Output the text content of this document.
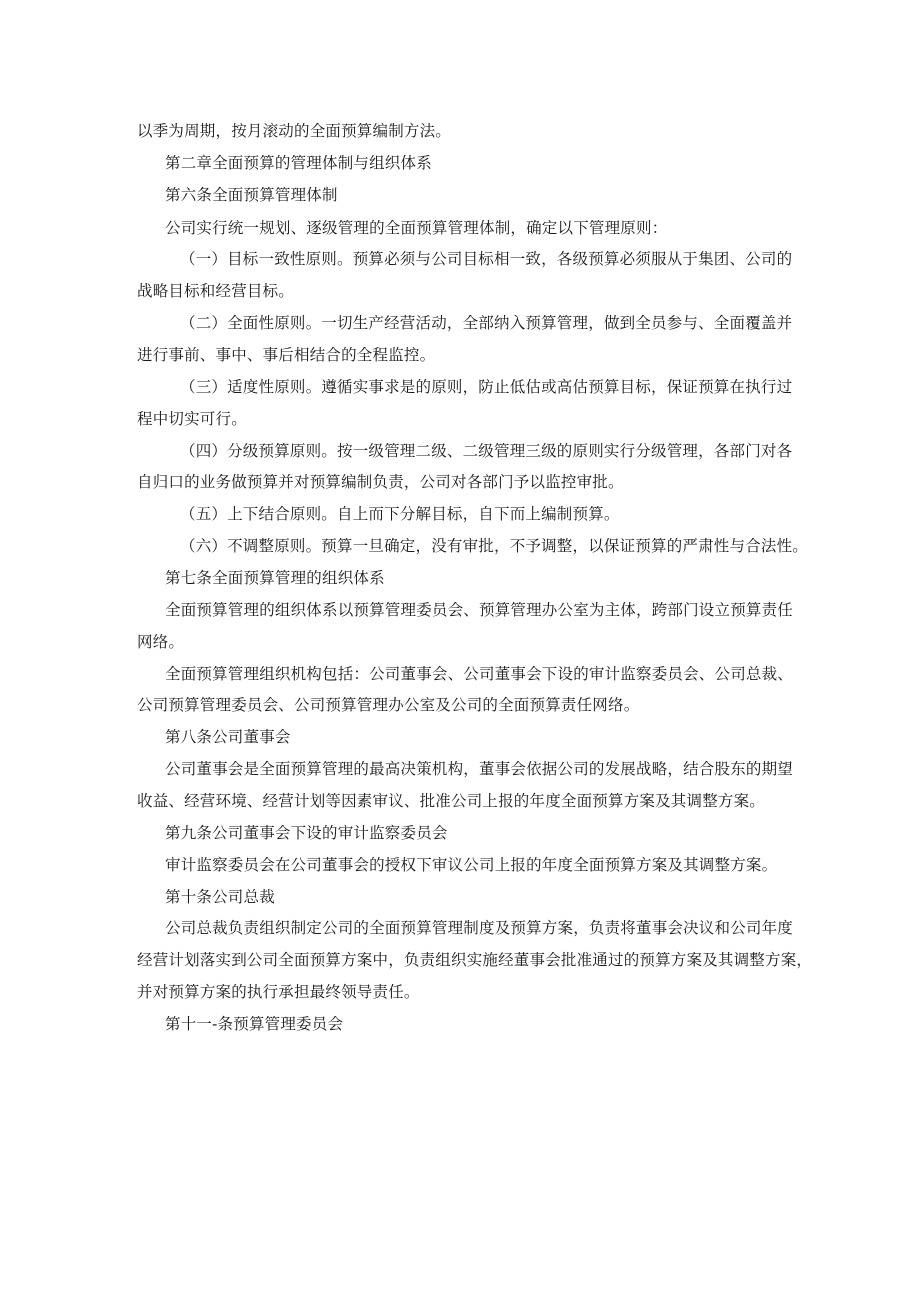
以季为周期，按月滚动的全面预算编制方法。
第二章全面预算的管理体制与组织体系
第六条全面预算管理体制
公司实行统一规划、逐级管理的全面预算管理体制，确定以下管理原则：
（一）目标一致性原则。预算必须与公司目标相一致，各级预算必须服从于集团、公司的
战略目标和经营目标。
（二）全面性原则。一切生产经营活动，全部纳入预算管理，做到全员参与、全面覆盖并
进行事前、事中、事后相结合的全程监控。
（三）适度性原则。遵循实事求是的原则，防止低估或高估预算目标，保证预算在执行过
程中切实可行。
（四）分级预算原则。按一级管理二级、二级管理三级的原则实行分级管理，各部门对各
自归口的业务做预算并对预算编制负责，公司对各部门予以监控审批。
（五）上下结合原则。自上而下分解目标，自下而上编制预算。
（六）不调整原则。预算一旦确定，没有审批，不予调整，以保证预算的严肃性与合法性。
第七条全面预算管理的组织体系
全面预算管理的组织体系以预算管理委员会、预算管理办公室为主体，跨部门设立预算责任
网络。
全面预算管理组织机构包括：公司董事会、公司董事会下设的审计监察委员会、公司总裁、
公司预算管理委员会、公司预算管理办公室及公司的全面预算责任网络。
第八条公司董事会
公司董事会是全面预算管理的最高决策机构，董事会依据公司的发展战略，结合股东的期望
收益、经营环境、经营计划等因素审议、批准公司上报的年度全面预算方案及其调整方案。
第九条公司董事会下设的审计监察委员会
审计监察委员会在公司董事会的授权下审议公司上报的年度全面预算方案及其调整方案。
第十条公司总裁
公司总裁负责组织制定公司的全面预算管理制度及预算方案，负责将董事会决议和公司年度
经营计划落实到公司全面预算方案中，负责组织实施经董事会批准通过的预算方案及其调整方案，
并对预算方案的执行承担最终领导责任。
第十一-条预算管理委员会
